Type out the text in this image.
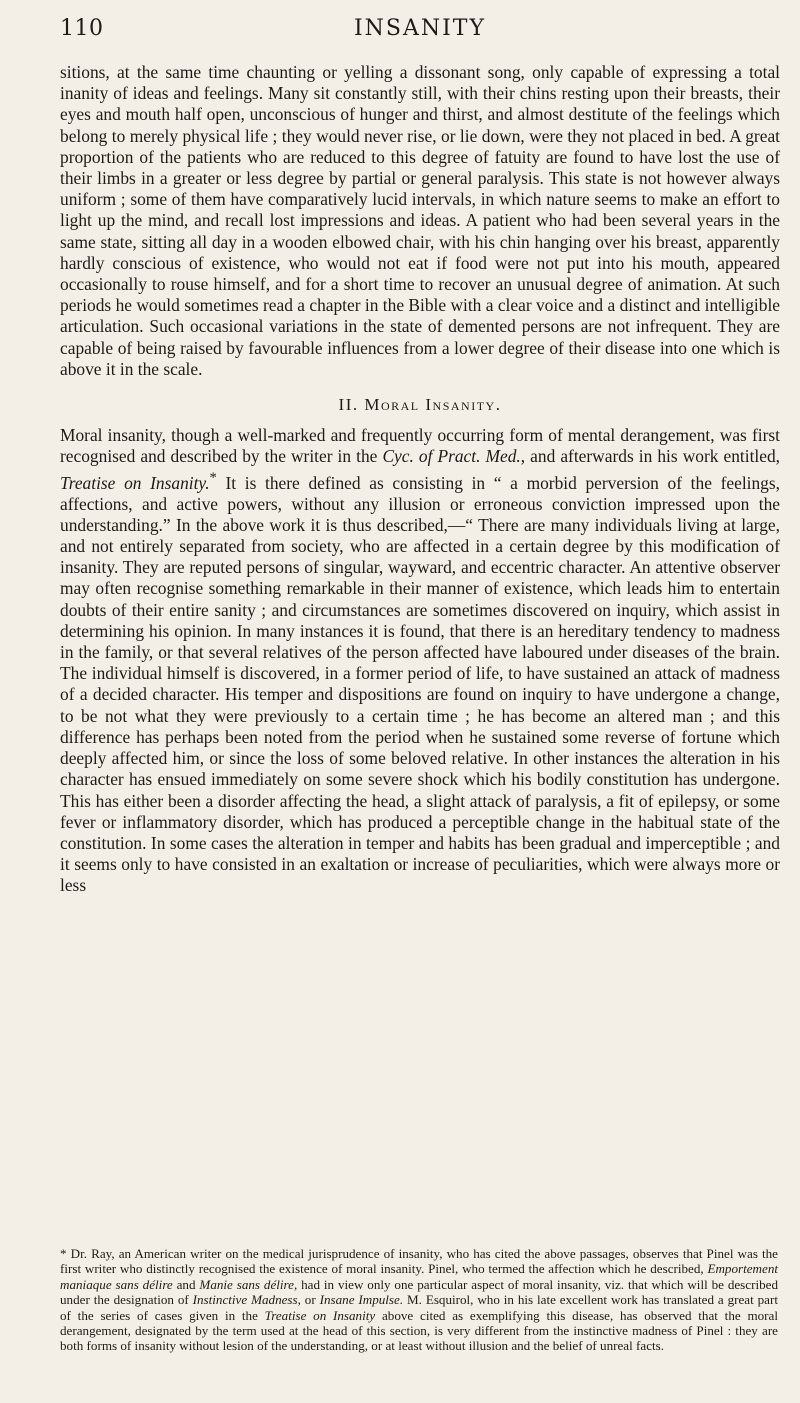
110	INSANITY

sitions, at the same time chaunting or yelling a dissonant song, only capable of expressing a total inanity of ideas and feelings. Many sit constantly still, with their chins resting upon their breasts, their eyes and mouth half open, unconscious of hunger and thirst, and almost destitute of the feelings which belong to merely physical life ; they would never rise, or lie down, were they not placed in bed. A great proportion of the patients who are reduced to this degree of fatuity are found to have lost the use of their limbs in a greater or less degree by partial or general paralysis. This state is not however always uniform ; some of them have comparatively lucid intervals, in which nature seems to make an effort to light up the mind, and recall lost impressions and ideas. A patient who had been several years in the same state, sitting all day in a wooden elbowed chair, with his chin hanging over his breast, apparently hardly conscious of existence, who would not eat if food were not put into his mouth, appeared occasionally to rouse himself, and for a short time to recover an unusual degree of animation. At such periods he would sometimes read a chapter in the Bible with a clear voice and a distinct and intelligible articulation. Such occasional variations in the state of demented persons are not infrequent. They are capable of being raised by favourable influences from a lower degree of their disease into one which is above it in the scale.

II. Moral Insanity.

Moral insanity, though a well-marked and frequently occurring form of mental derangement, was first recognised and described by the writer in the Cyc. of Pract. Med., and afterwards in his work entitled, Treatise on Insanity.* It is there defined as consisting in “ a morbid perversion of the feelings, affections, and active powers, without any illusion or erroneous conviction impressed upon the understanding.” In the above work it is thus described,—“ There are many individuals living at large, and not entirely separated from society, who are affected in a certain degree by this modification of insanity. They are reputed persons of singular, wayward, and eccentric character. An attentive observer may often recognise something remarkable in their manner of existence, which leads him to entertain doubts of their entire sanity ; and circumstances are sometimes discovered on inquiry, which assist in determining his opinion. In many instances it is found, that there is an hereditary tendency to madness in the family, or that several relatives of the person affected have laboured under diseases of the brain. The individual himself is discovered, in a former period of life, to have sustained an attack of madness of a decided character. His temper and dispositions are found on inquiry to have undergone a change, to be not what they were previously to a certain time ; he has become an altered man ; and this difference has perhaps been noted from the period when he sustained some reverse of fortune which deeply affected him, or since the loss of some beloved relative. In other instances the alteration in his character has ensued immediately on some severe shock which his bodily constitution has undergone. This has either been a disorder affecting the head, a slight attack of paralysis, a fit of epilepsy, or some fever or inflammatory disorder, which has produced a perceptible change in the habitual state of the constitution. In some cases the alteration in temper and habits has been gradual and imperceptible ; and it seems only to have consisted in an exaltation or increase of peculiarities, which were always more or less

* Dr. Ray, an American writer on the medical jurisprudence of insanity, who has cited the above passages, observes that Pinel was the first writer who distinctly recognised the existence of moral insanity. Pinel, who termed the affection which he described, Emportement maniaque sans délire and Manie sans délire, had in view only one particular aspect of moral insanity, viz. that which will be described under the designation of Instinctive Madness, or Insane Impulse. M. Esquirol, who in his late excellent work has translated a great part of the series of cases given in the Treatise on Insanity above cited as exemplifying this disease, has observed that the moral derangement, designated by the term used at the head of this section, is very different from the instinctive madness of Pinel : they are both forms of insanity without lesion of the understanding, or at least without illusion and the belief of unreal facts.
